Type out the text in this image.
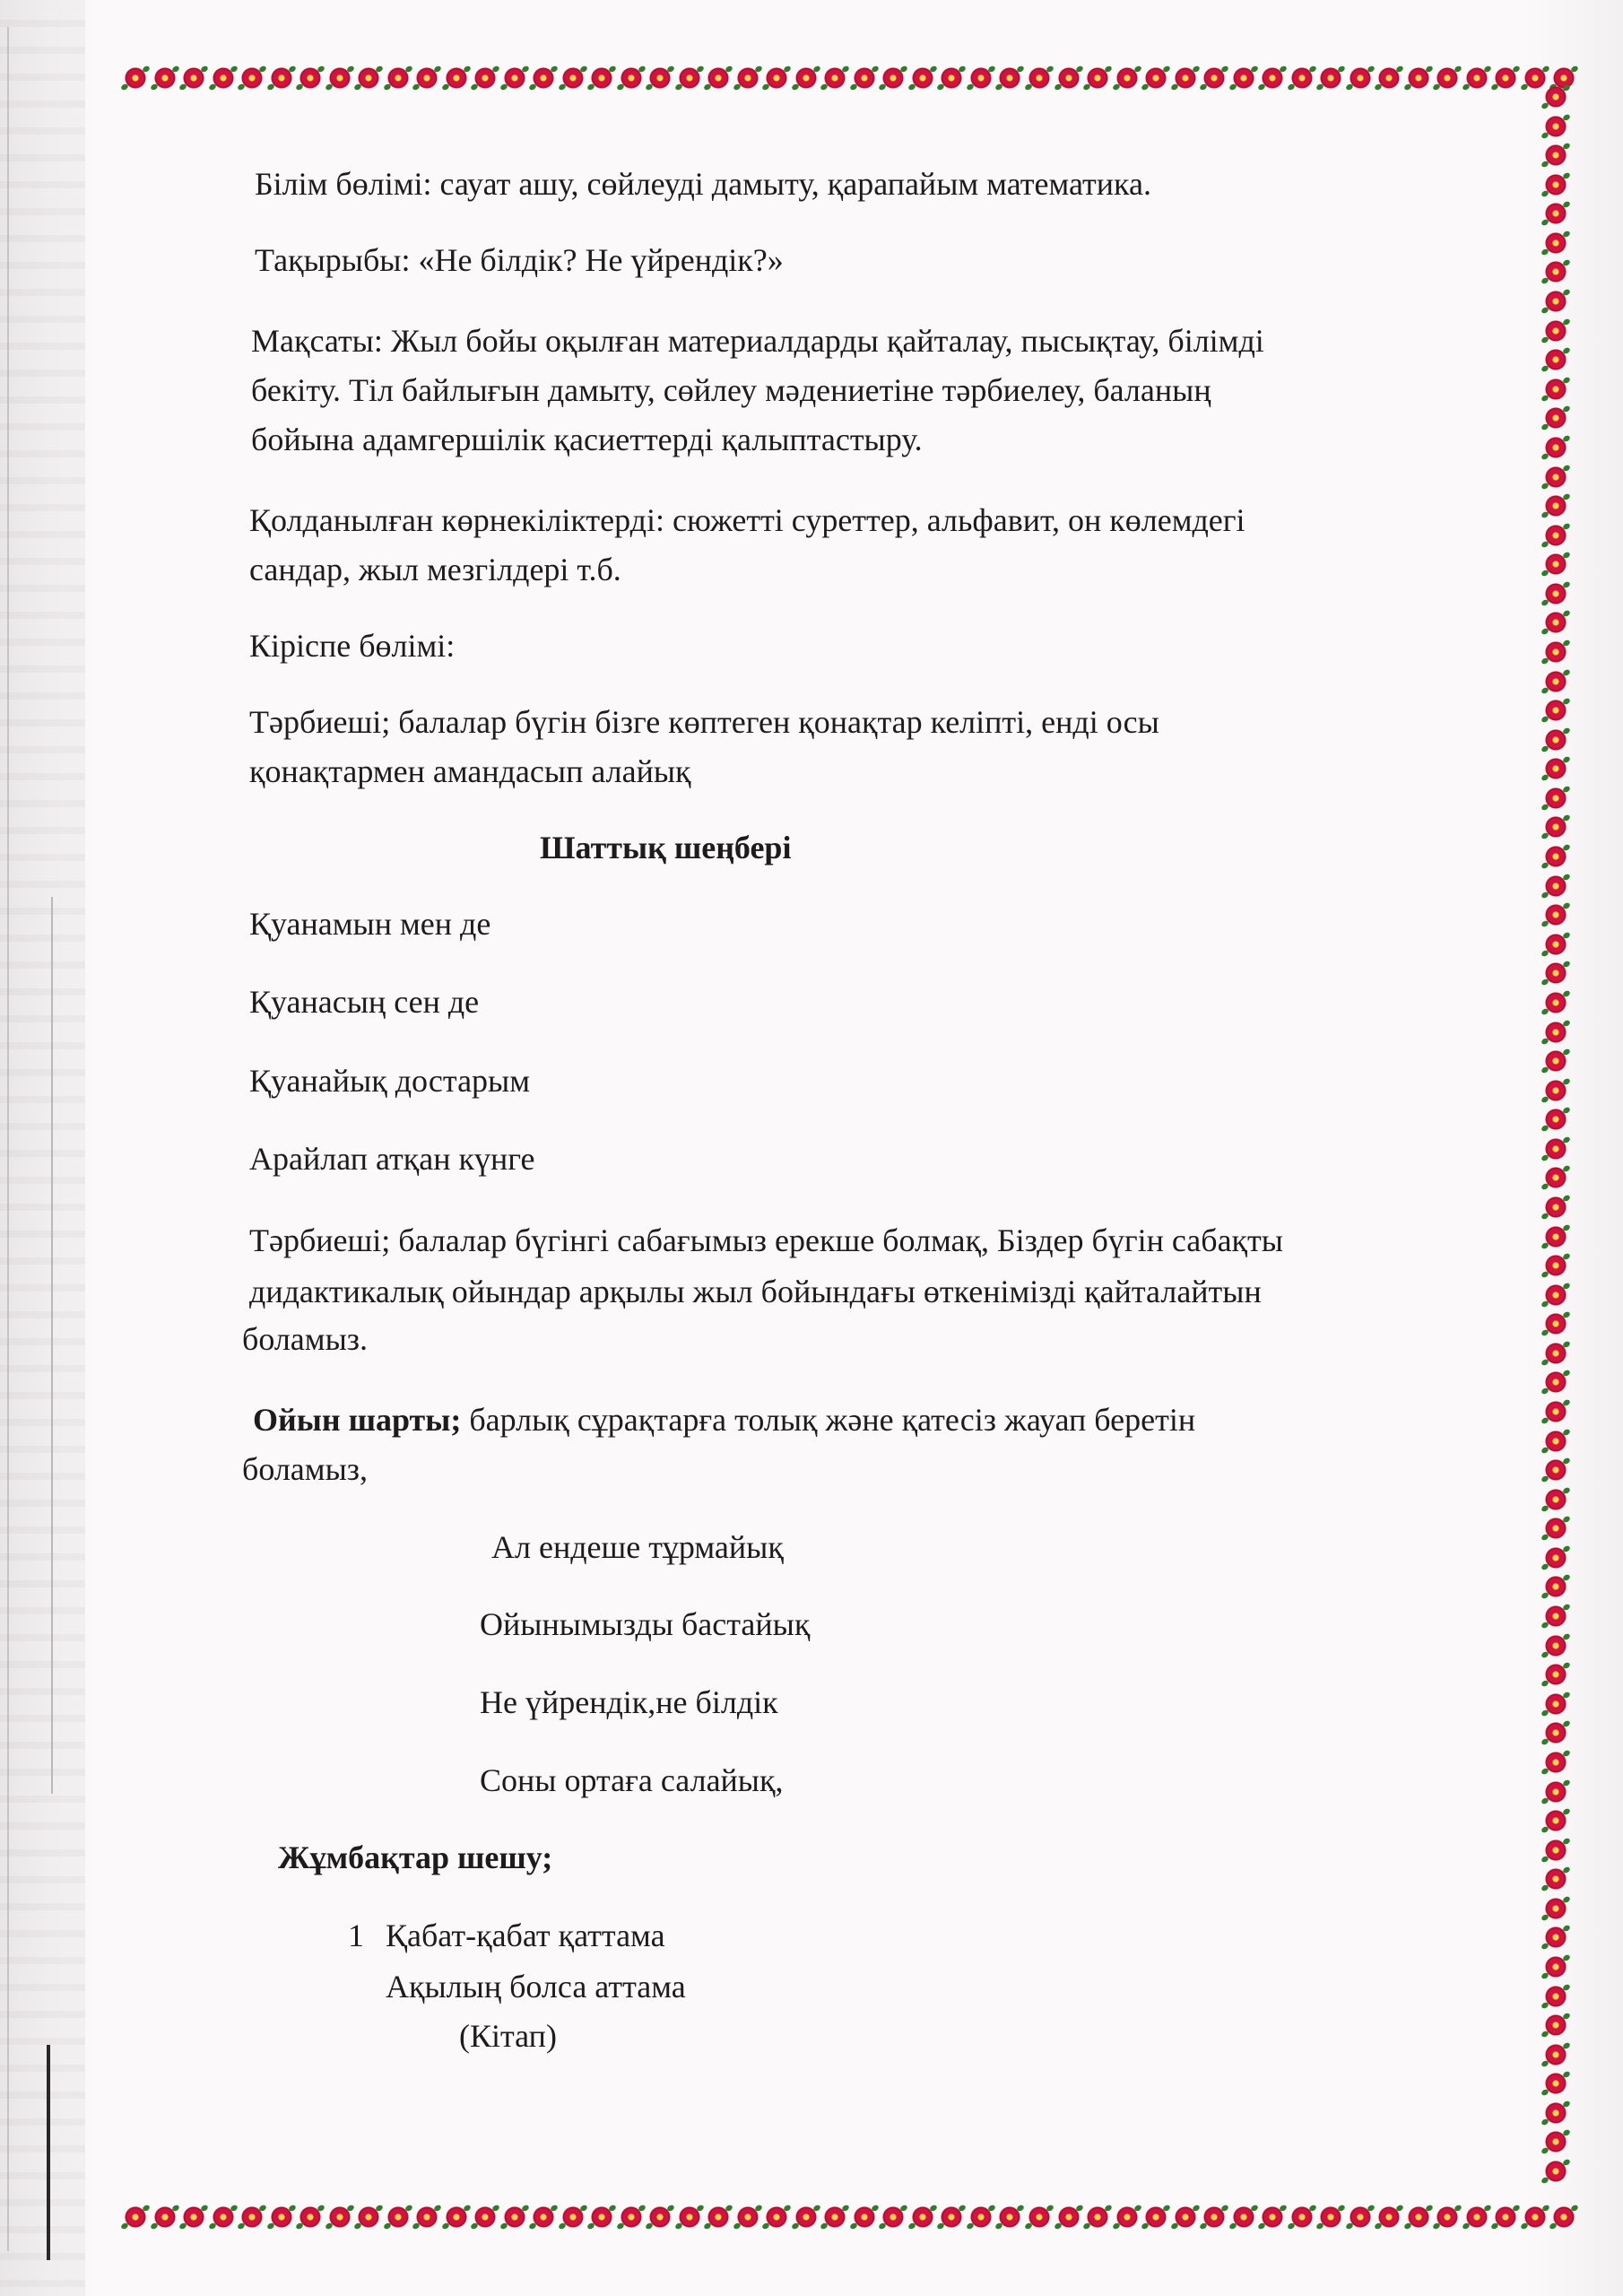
Білім бөлімі: сауат ашу, сөйлеуді дамыту, қарапайым математика.
Тақырыбы: «Не білдік? Не үйрендік?»
Мақсаты: Жыл бойы оқылған материалдарды қайталау, пысықтау, білімді
бекіту. Тіл байлығын дамыту, сөйлеу мәдениетіне тәрбиелеу, баланың
бойына адамгершілік қасиеттерді қалыптастыру.
Қолданылған көрнекіліктерді: сюжетті суреттер, альфавит, он көлемдегі
сандар, жыл мезгілдері т.б.
Кіріспе бөлімі:
Тәрбиеші; балалар бүгін бізге көптеген қонақтар келіпті, енді осы
қонақтармен амандасып алайық
Шаттық шеңбері
Қуанамын мен де
Қуанасың сен де
Қуанайық достарым
Арайлап атқан күнге
Тәрбиеші; балалар бүгінгі сабағымыз ерекше болмақ, Біздер бүгін сабақты
дидактикалық ойындар арқылы жыл бойындағы өткенімізді қайталайтын
боламыз.
Ойын шарты; барлық сұрақтарға толық және қатесіз жауап беретін
боламыз,
Ал ендеше тұрмайық
Ойынымызды бастайық
Не үйрендік,не білдік
Соны ортаға салайық,
Жұмбақтар шешу;
1 Қабат-қабат қаттама
Ақылың болса аттама
(Кітап)
